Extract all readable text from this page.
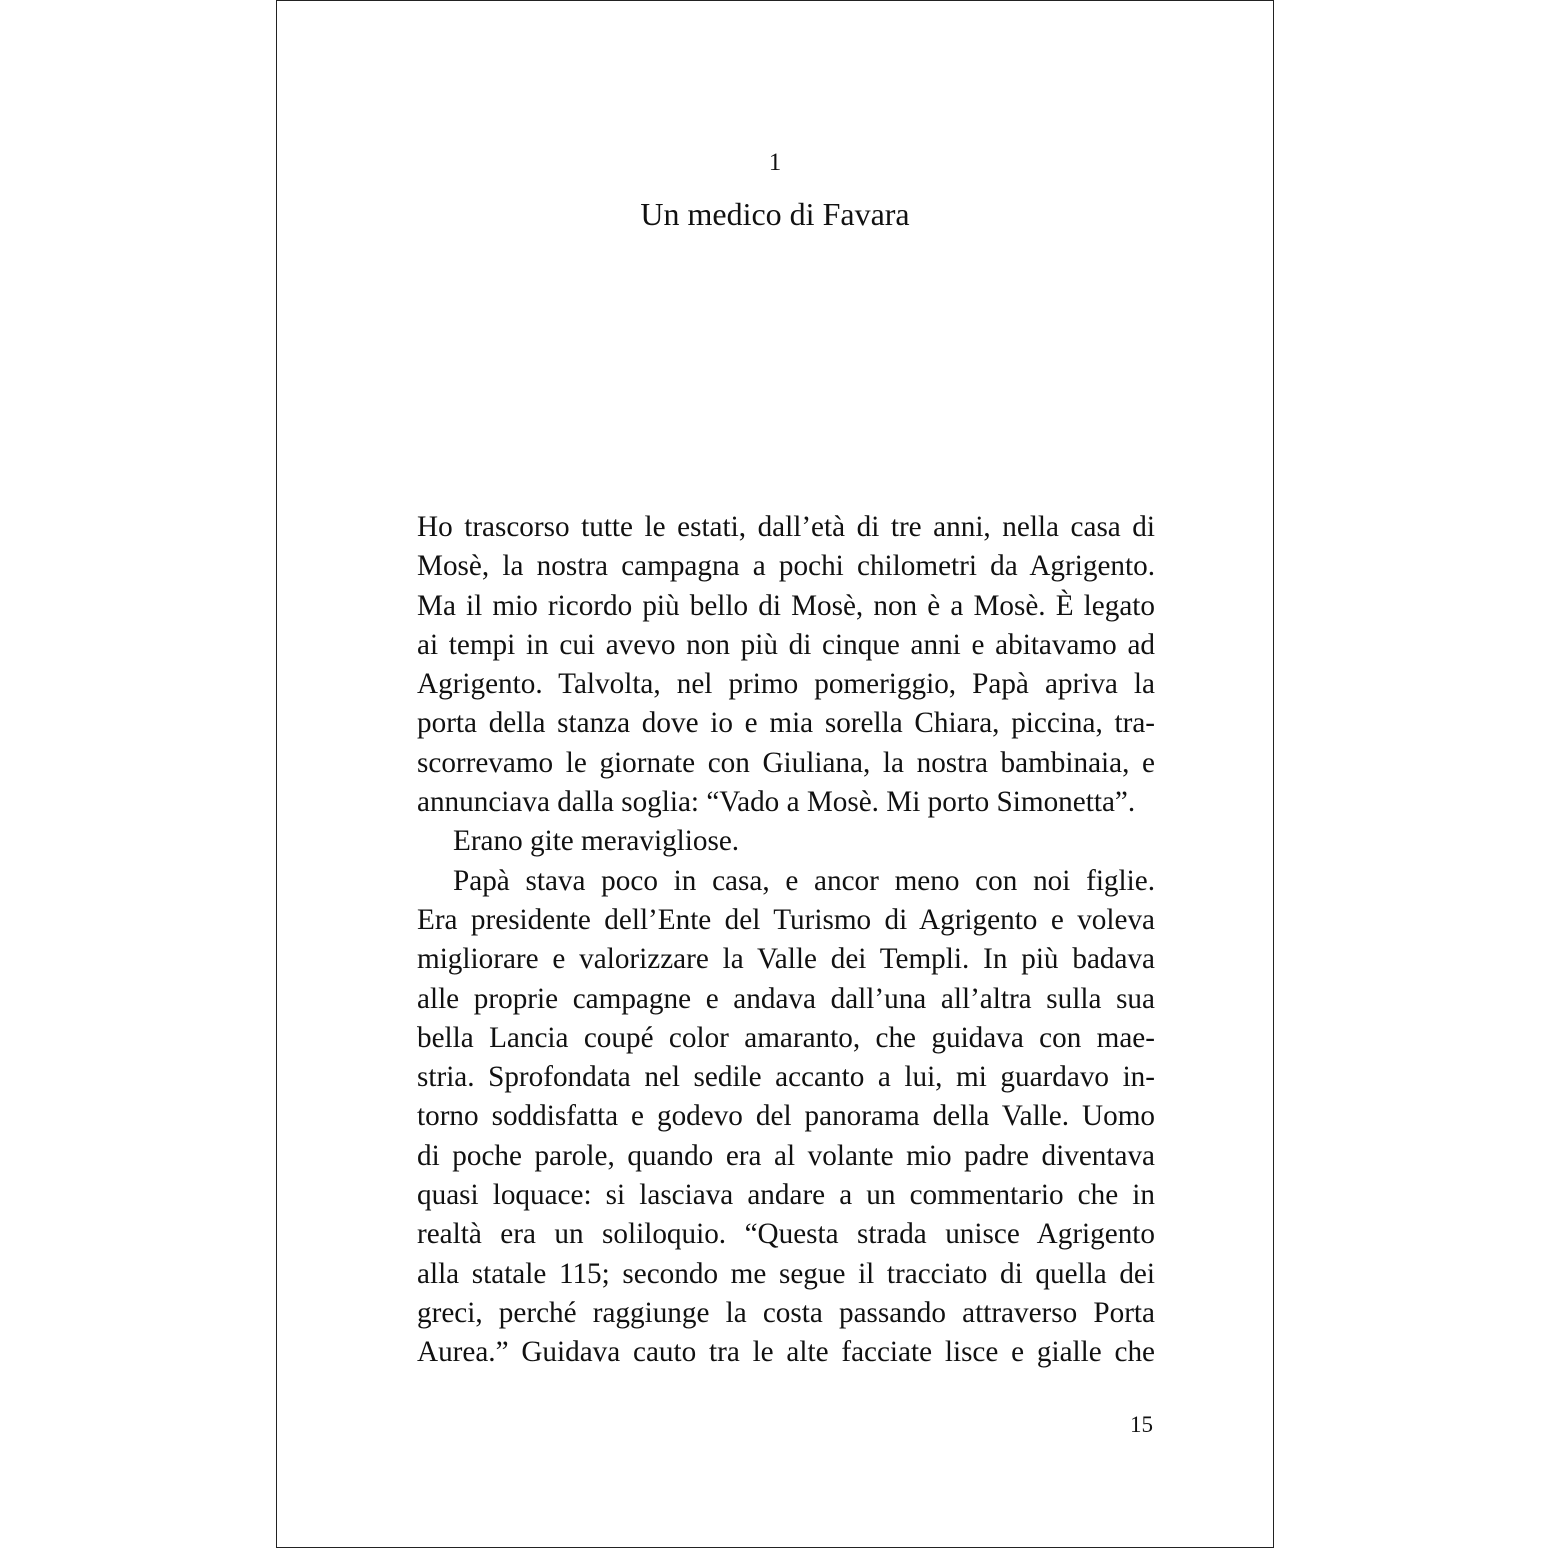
1
Un medico di Favara
Ho trascorso tutte le estati, dall’età di tre anni, nella casa di
Mosè, la nostra campagna a pochi chilometri da Agrigento.
Ma il mio ricordo più bello di Mosè, non è a Mosè. È legato
ai tempi in cui avevo non più di cinque anni e abitavamo ad
Agrigento. Talvolta, nel primo pomeriggio, Papà apriva la
porta della stanza dove io e mia sorella Chiara, piccina, tra-
scorrevamo le giornate con Giuliana, la nostra bambinaia, e
annunciava dalla soglia: “Vado a Mosè. Mi porto Simonetta”.
Erano gite meravigliose.
Papà stava poco in casa, e ancor meno con noi figlie.
Era presidente dell’Ente del Turismo di Agrigento e voleva
migliorare e valorizzare la Valle dei Templi. In più badava
alle proprie campagne e andava dall’una all’altra sulla sua
bella Lancia coupé color amaranto, che guidava con mae-
stria. Sprofondata nel sedile accanto a lui, mi guardavo in-
torno soddisfatta e godevo del panorama della Valle. Uomo
di poche parole, quando era al volante mio padre diventava
quasi loquace: si lasciava andare a un commentario che in
realtà era un soliloquio. “Questa strada unisce Agrigento
alla statale 115; secondo me segue il tracciato di quella dei
greci, perché raggiunge la costa passando attraverso Porta
Aurea.” Guidava cauto tra le alte facciate lisce e gialle che
15
